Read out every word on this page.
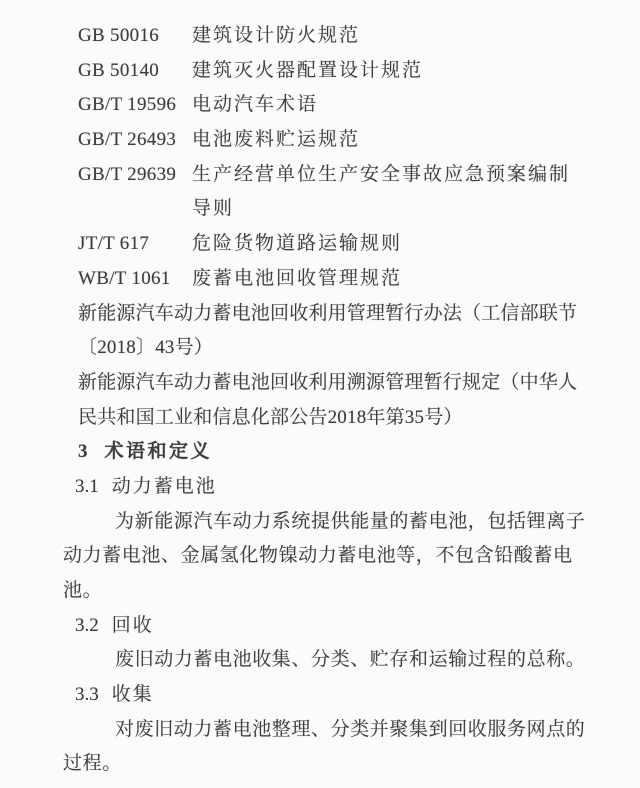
GB 50016	建筑设计防火规范
GB 50140	建筑灭火器配置设计规范
GB/T 19596 电动汽车术语
GB/T 26493 电池废料贮运规范
GB/T 29639 生产经营单位生产安全事故应急预案编制
导则
JT/T 617	危险货物道路运输规则
WB/T 1061	废蓄电池回收管理规范
新能源汽车动力蓄电池回收利用管理暂行办法（工信部联节
〔2018〕43号）
新能源汽车动力蓄电池回收利用溯源管理暂行规定（中华人
民共和国工业和信息化部公告2018年第35号）
3 术语和定义
3.1 动力蓄电池
为新能源汽车动力系统提供能量的蓄电池，包括锂离子
动力蓄电池、金属氢化物镍动力蓄电池等，不包含铅酸蓄电
池。
3.2 回收
废旧动力蓄电池收集、分类、贮存和运输过程的总称。
3.3 收集
对废旧动力蓄电池整理、分类并聚集到回收服务网点的
过程。
